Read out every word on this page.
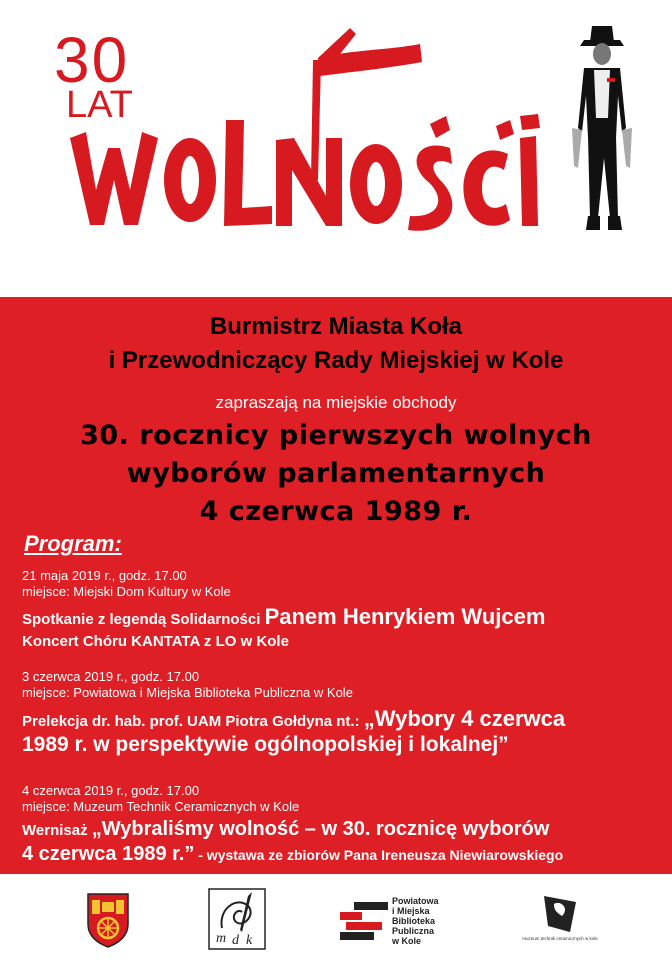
30
LAT
Burmistrz Miasta Koła
i Przewodniczący Rady Miejskiej w Kole
zapraszają na miejskie obchody
30. rocznicy pierwszych wolnych
wyborów parlamentarnych
4 czerwca 1989 r.
Program:
21 maja 2019 r., godz. 17.00
miejsce: Miejski Dom Kultury w Kole
Spotkanie z legendą Solidarności Panem Henrykiem Wujcem
Koncert Chóru KANTATA z LO w Kole
3 czerwca 2019 r., godz. 17.00
miejsce: Powiatowa i Miejska Biblioteka Publiczna w Kole
Prelekcja dr. hab. prof. UAM Piotra Gołdyna nt.: „Wybory 4 czerwca
1989 r. w perspektywie ogólnopolskiej i lokalnej”
4 czerwca 2019 r., godz. 17.00
miejsce: Muzeum Technik Ceramicznych w Kole
Wernisaż „Wybraliśmy wolność – w 30. rocznicę wyborów
4 czerwca 1989 r.” - wystawa ze zbiorów Pana Ireneusza Niewiarowskiego
m d k
Powiatowa
i Miejska
Biblioteka
Publiczna
w Kole	muzeum technik ceramicznych w kole
